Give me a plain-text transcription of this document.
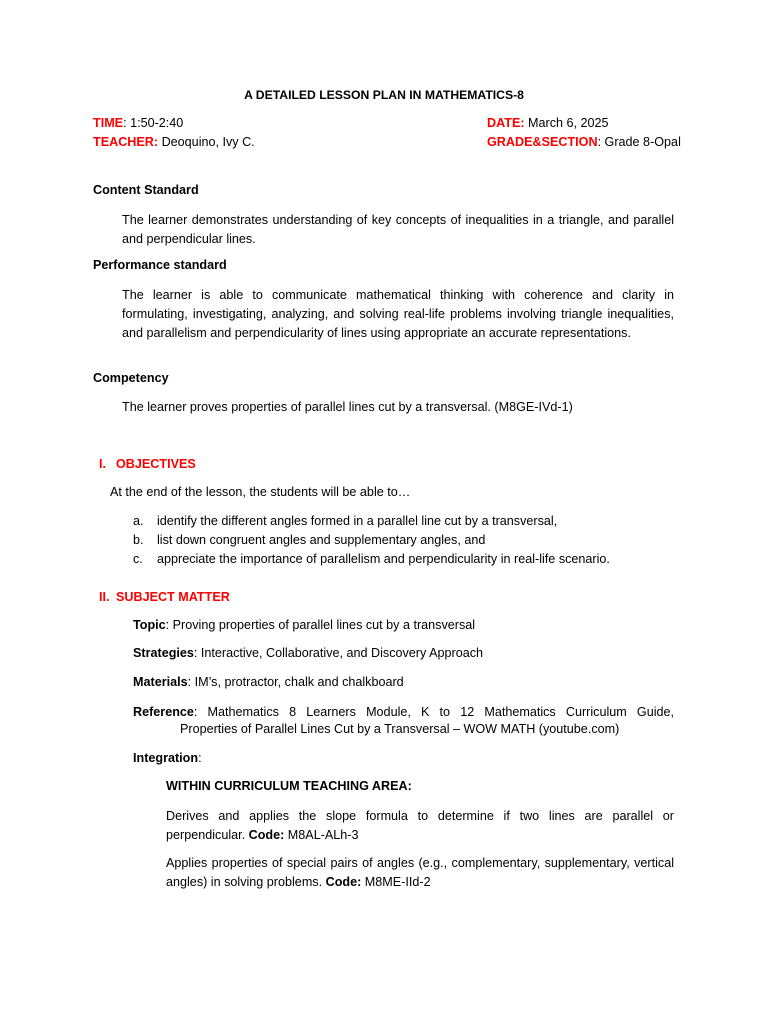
A DETAILED LESSON PLAN IN MATHEMATICS-8
TIME: 1:50-2:40	DATE: March 6, 2025
TEACHER: Deoquino, Ivy C.	GRADE&SECTION: Grade 8-Opal
Content Standard
The learner demonstrates understanding of key concepts of inequalities in a triangle, and parallel and perpendicular lines.
Performance standard
The learner is able to communicate mathematical thinking with coherence and clarity in formulating, investigating, analyzing, and solving real-life problems involving triangle inequalities, and parallelism and perpendicularity of lines using appropriate an accurate representations.
Competency
The learner proves properties of parallel lines cut by a transversal. (M8GE-IVd-1)
I. OBJECTIVES
At the end of the lesson, the students will be able to…
a. identify the different angles formed in a parallel line cut by a transversal,
b. list down congruent angles and supplementary angles, and
c. appreciate the importance of parallelism and perpendicularity in real-life scenario.
II. SUBJECT MATTER
Topic: Proving properties of parallel lines cut by a transversal
Strategies: Interactive, Collaborative, and Discovery Approach
Materials: IM’s, protractor, chalk and chalkboard
Reference: Mathematics 8 Learners Module, K to 12 Mathematics Curriculum Guide,
Properties of Parallel Lines Cut by a Transversal – WOW MATH (youtube.com)
Integration:
WITHIN CURRICULUM TEACHING AREA:
Derives and applies the slope formula to determine if two lines are parallel or perpendicular. Code: M8AL-ALh-3
Applies properties of special pairs of angles (e.g., complementary, supplementary, vertical angles) in solving problems. Code: M8ME-IId-2
